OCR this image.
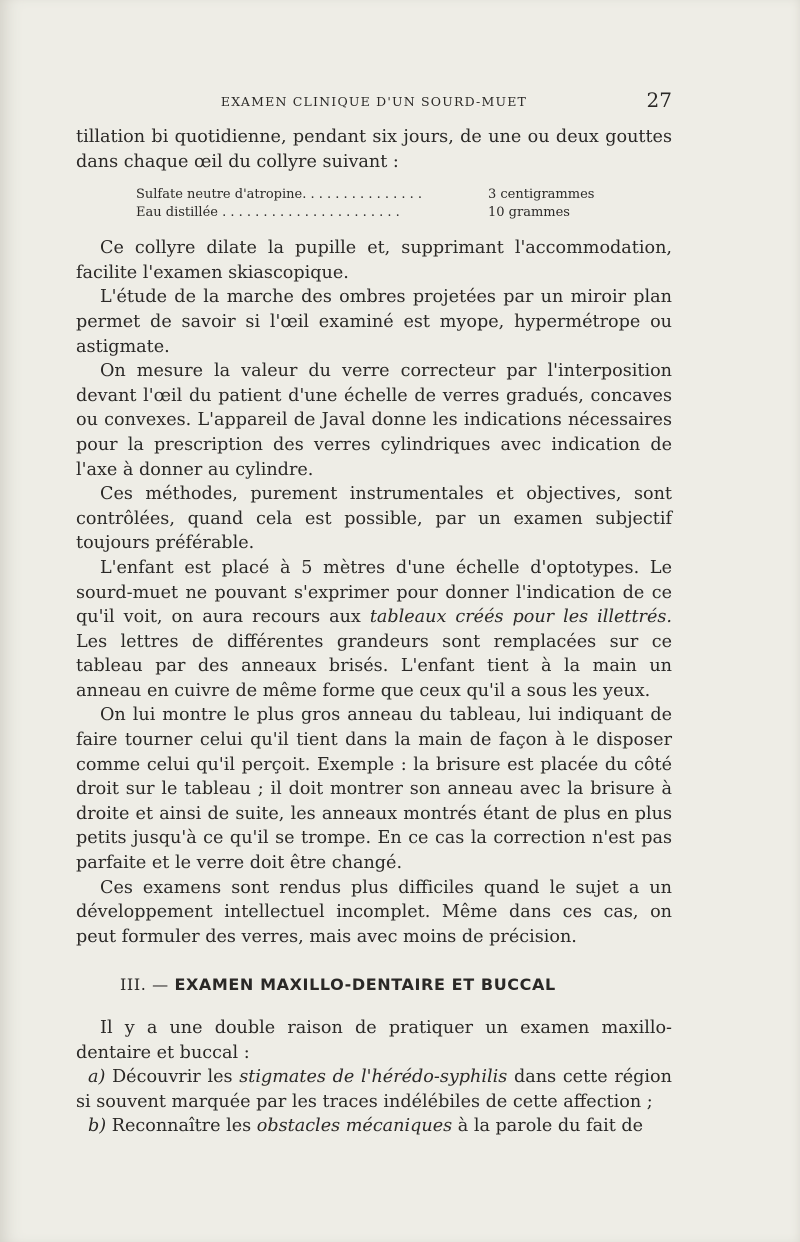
EXAMEN CLINIQUE D'UN SOURD-MUET	27

tillation bi quotidienne, pendant six jours, de une ou deux gouttes dans chaque œil du collyre suivant :

Sulfate neutre d'atropine. . . . . . . . . . . . . . .	3 centigrammes
Eau distillée . . . . . . . . . . . . . . . . . . . . . .	10 grammes

Ce collyre dilate la pupille et, supprimant l'accommodation, facilite l'examen skiascopique.

L'étude de la marche des ombres projetées par un miroir plan permet de savoir si l'œil examiné est myope, hypermétrope ou astigmate.

On mesure la valeur du verre correcteur par l'interposition devant l'œil du patient d'une échelle de verres gradués, concaves ou convexes. L'appareil de Javal donne les indications nécessaires pour la prescription des verres cylindriques avec indication de l'axe à donner au cylindre.

Ces méthodes, purement instrumentales et objectives, sont contrôlées, quand cela est possible, par un examen subjectif toujours préférable.

L'enfant est placé à 5 mètres d'une échelle d'optotypes. Le sourd-muet ne pouvant s'exprimer pour donner l'indication de ce qu'il voit, on aura recours aux tableaux créés pour les illettrés. Les lettres de différentes grandeurs sont remplacées sur ce tableau par des anneaux brisés. L'enfant tient à la main un anneau en cuivre de même forme que ceux qu'il a sous les yeux.

On lui montre le plus gros anneau du tableau, lui indiquant de faire tourner celui qu'il tient dans la main de façon à le disposer comme celui qu'il perçoit. Exemple : la brisure est placée du côté droit sur le tableau ; il doit montrer son anneau avec la brisure à droite et ainsi de suite, les anneaux montrés étant de plus en plus petits jusqu'à ce qu'il se trompe. En ce cas la correction n'est pas parfaite et le verre doit être changé.

Ces examens sont rendus plus difficiles quand le sujet a un développement intellectuel incomplet. Même dans ces cas, on peut formuler des verres, mais avec moins de précision.

III. — EXAMEN MAXILLO-DENTAIRE ET BUCCAL

Il y a une double raison de pratiquer un examen maxillo-dentaire et buccal :

a) Découvrir les stigmates de l'hérédo-syphilis dans cette région si souvent marquée par les traces indélébiles de cette affection ;

b) Reconnaître les obstacles mécaniques à la parole du fait de
